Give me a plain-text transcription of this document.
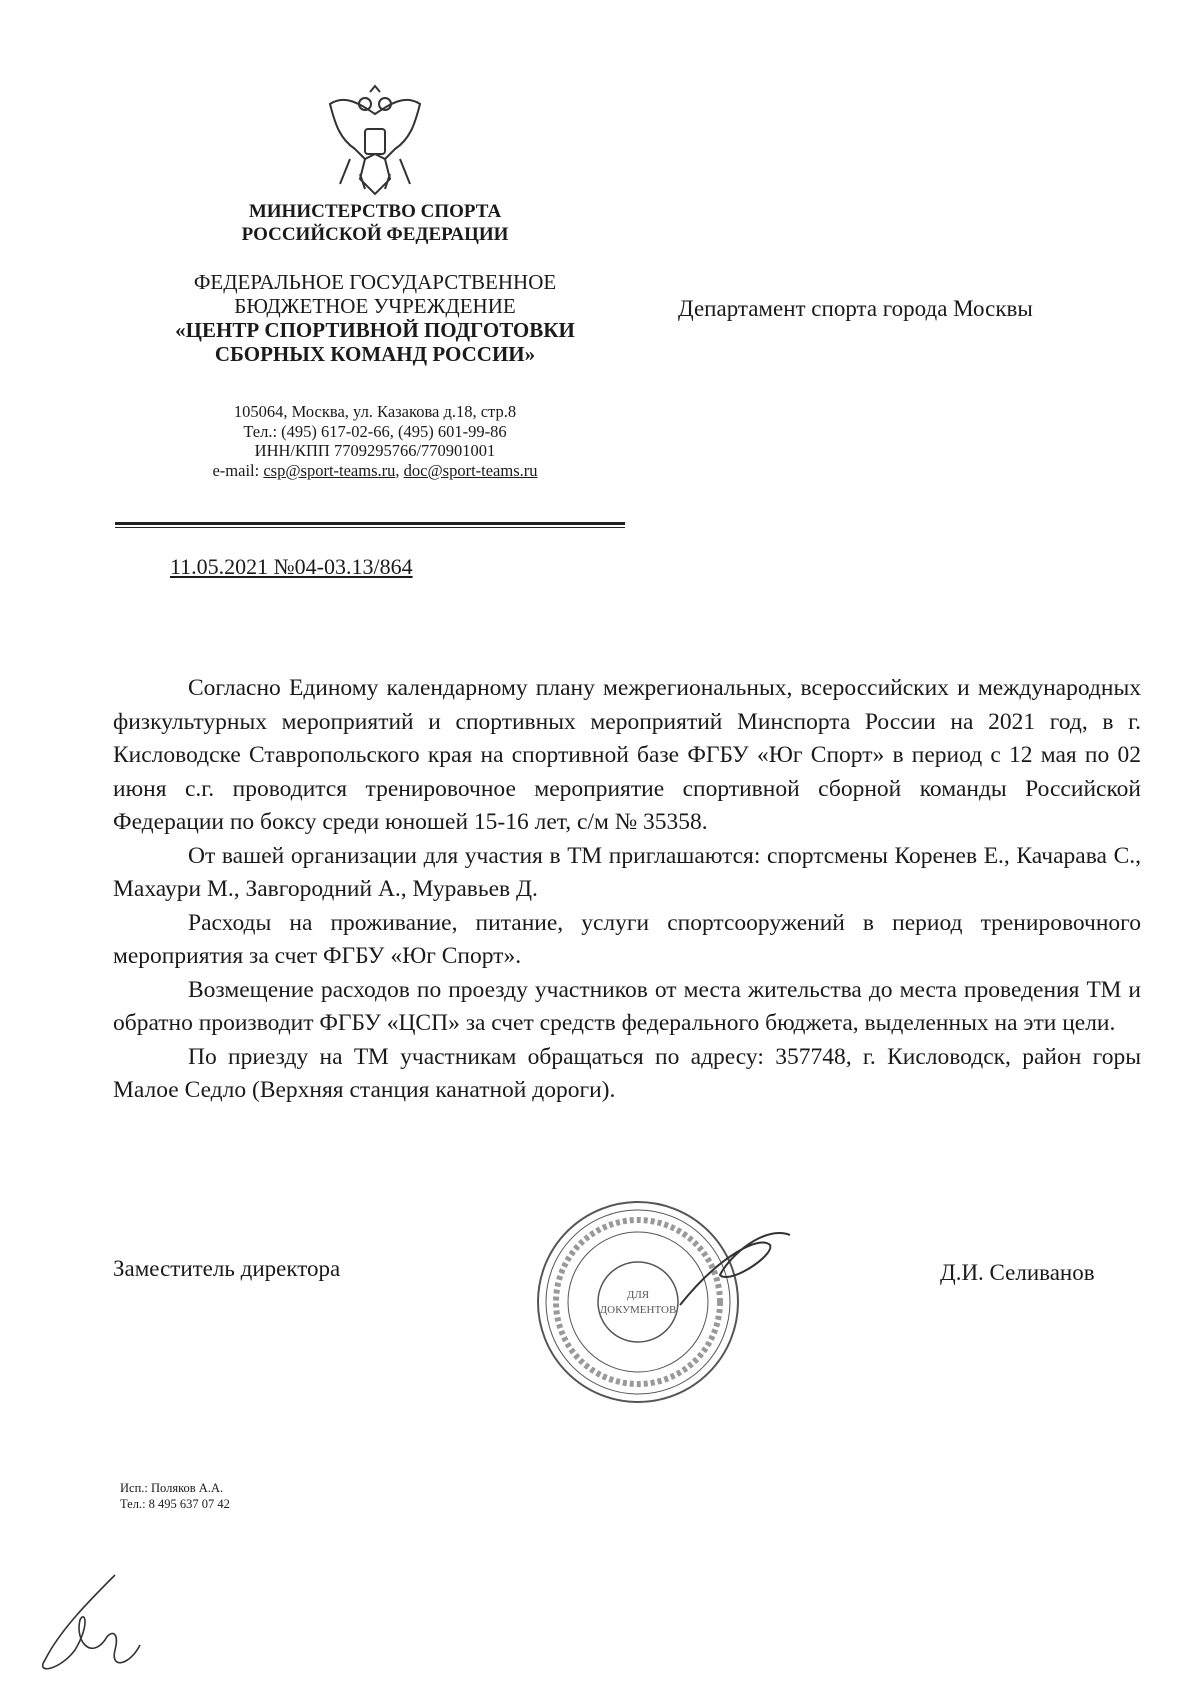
МИНИСТЕРСТВО СПОРТА
РОССИЙСКОЙ ФЕДЕРАЦИИ
ФЕДЕРАЛЬНОЕ ГОСУДАРСТВЕННОЕ
БЮДЖЕТНОЕ УЧРЕЖДЕНИЕ
«ЦЕНТР СПОРТИВНОЙ ПОДГОТОВКИ
СБОРНЫХ КОМАНД РОССИИ»
105064, Москва, ул. Казакова д.18, стр.8
Тел.: (495) 617-02-66, (495) 601-99-86
ИНН/КПП 7709295766/770901001
e-mail: csp@sport-teams.ru, doc@sport-teams.ru
Департамент спорта города Москвы
11.05.2021 №04-03.13/864

Согласно Единому календарному плану межрегиональных, всероссийских и международных физкультурных мероприятий и спортивных мероприятий Минспорта России на 2021 год, в г. Кисловодске Ставропольского края на спортивной базе ФГБУ «Юг Спорт» в период с 12 мая по 02 июня с.г. проводится тренировочное мероприятие спортивной сборной команды Российской Федерации по боксу среди юношей 15-16 лет, с/м № 35358.

От вашей организации для участия в ТМ приглашаются: спортсмены Коренев Е., Качарава С., Махаури М., Завгородний А., Муравьев Д.

Расходы на проживание, питание, услуги спортсооружений в период тренировочного мероприятия за счет ФГБУ «Юг Спорт».

Возмещение расходов по проезду участников от места жительства до места проведения ТМ и обратно производит ФГБУ «ЦСП» за счет средств федерального бюджета, выделенных на эти цели.

По приезду на ТМ участникам обращаться по адресу: 357748, г. Кисловодск, район горы Малое Седло (Верхняя станция канатной дороги).

Заместитель директора	Д.И. Селиванов
ДЛЯ
ДОКУМЕНТОВ
Исп.: Поляков А.А.
Тел.: 8 495 637 07 42
